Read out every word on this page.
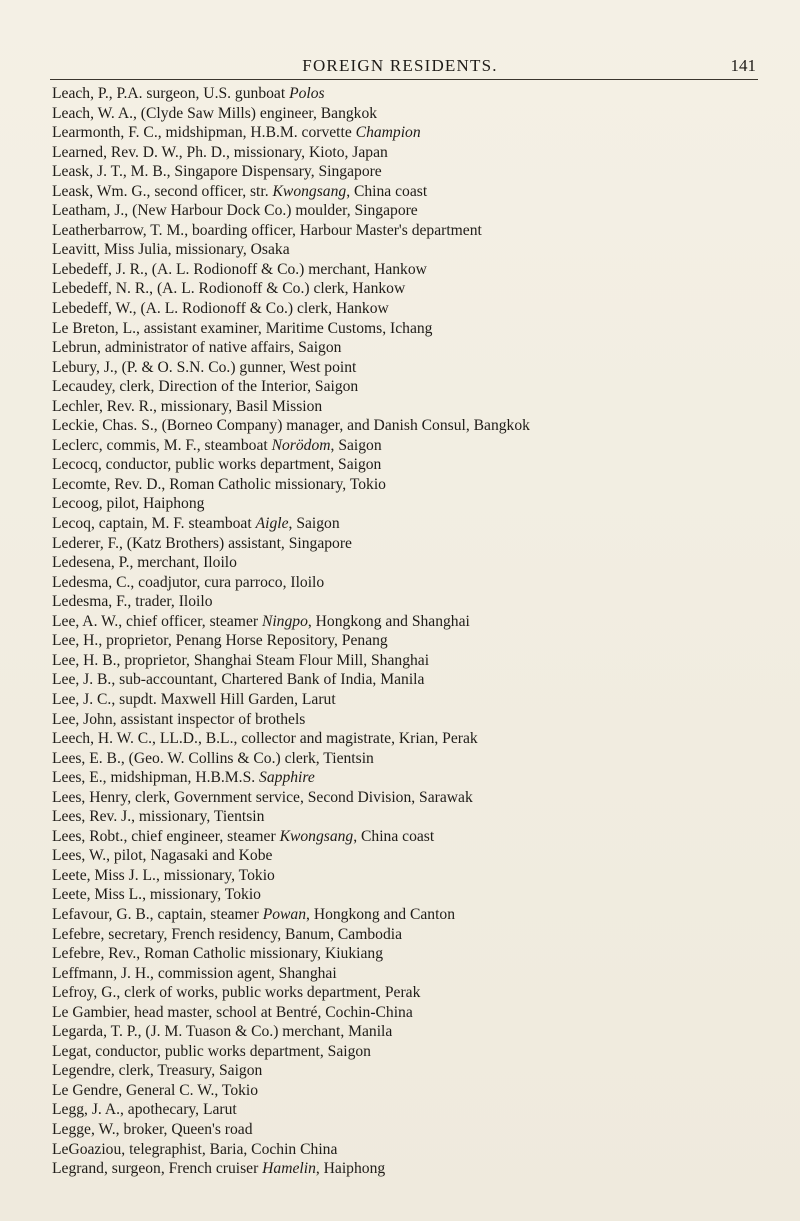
FOREIGN RESIDENTS.	141
Leach, P., P.A. surgeon, U.S. gunboat Polos
Leach, W. A., (Clyde Saw Mills) engineer, Bangkok
Learmonth, F. C., midshipman, H.B.M. corvette Champion
Learned, Rev. D. W., Ph. D., missionary, Kioto, Japan
Leask, J. T., M. B., Singapore Dispensary, Singapore
Leask, Wm. G., second officer, str. Kwongsang, China coast
Leatham, J., (New Harbour Dock Co.) moulder, Singapore
Leatherbarrow, T. M., boarding officer, Harbour Master's department
Leavitt, Miss Julia, missionary, Osaka
Lebedeff, J. R., (A. L. Rodionoff & Co.) merchant, Hankow
Lebedeff, N. R., (A. L. Rodionoff & Co.) clerk, Hankow
Lebedeff, W., (A. L. Rodionoff & Co.) clerk, Hankow
Le Breton, L., assistant examiner, Maritime Customs, Ichang
Lebrun, administrator of native affairs, Saigon
Lebury, J., (P. & O. S.N. Co.) gunner, West point
Lecaudey, clerk, Direction of the Interior, Saigon
Lechler, Rev. R., missionary, Basil Mission
Leckie, Chas. S., (Borneo Company) manager, and Danish Consul, Bangkok
Leclerc, commis, M. F., steamboat Norödom, Saigon
Lecocq, conductor, public works department, Saigon
Lecomte, Rev. D., Roman Catholic missionary, Tokio
Lecoog, pilot, Haiphong
Lecoq, captain, M. F. steamboat Aigle, Saigon
Lederer, F., (Katz Brothers) assistant, Singapore
Ledesena, P., merchant, Iloilo
Ledesma, C., coadjutor, cura parroco, Iloilo
Ledesma, F., trader, Iloilo
Lee, A. W., chief officer, steamer Ningpo, Hongkong and Shanghai
Lee, H., proprietor, Penang Horse Repository, Penang
Lee, H. B., proprietor, Shanghai Steam Flour Mill, Shanghai
Lee, J. B., sub-accountant, Chartered Bank of India, Manila
Lee, J. C., supdt. Maxwell Hill Garden, Larut
Lee, John, assistant inspector of brothels
Leech, H. W. C., LL.D., B.L., collector and magistrate, Krian, Perak
Lees, E. B., (Geo. W. Collins & Co.) clerk, Tientsin
Lees, E., midshipman, H.B.M.S. Sapphire
Lees, Henry, clerk, Government service, Second Division, Sarawak
Lees, Rev. J., missionary, Tientsin
Lees, Robt., chief engineer, steamer Kwongsang, China coast
Lees, W., pilot, Nagasaki and Kobe
Leete, Miss J. L., missionary, Tokio
Leete, Miss L., missionary, Tokio
Lefavour, G. B., captain, steamer Powan, Hongkong and Canton
Lefebre, secretary, French residency, Banum, Cambodia
Lefebre, Rev., Roman Catholic missionary, Kiukiang
Leffmann, J. H., commission agent, Shanghai
Lefroy, G., clerk of works, public works department, Perak
Le Gambier, head master, school at Bentré, Cochin-China
Legarda, T. P., (J. M. Tuason & Co.) merchant, Manila
Legat, conductor, public works department, Saigon
Legendre, clerk, Treasury, Saigon
Le Gendre, General C. W., Tokio
Legg, J. A., apothecary, Larut
Legge, W., broker, Queen's road
LeGoaziou, telegraphist, Baria, Cochin China
Legrand, surgeon, French cruiser Hamelin, Haiphong
